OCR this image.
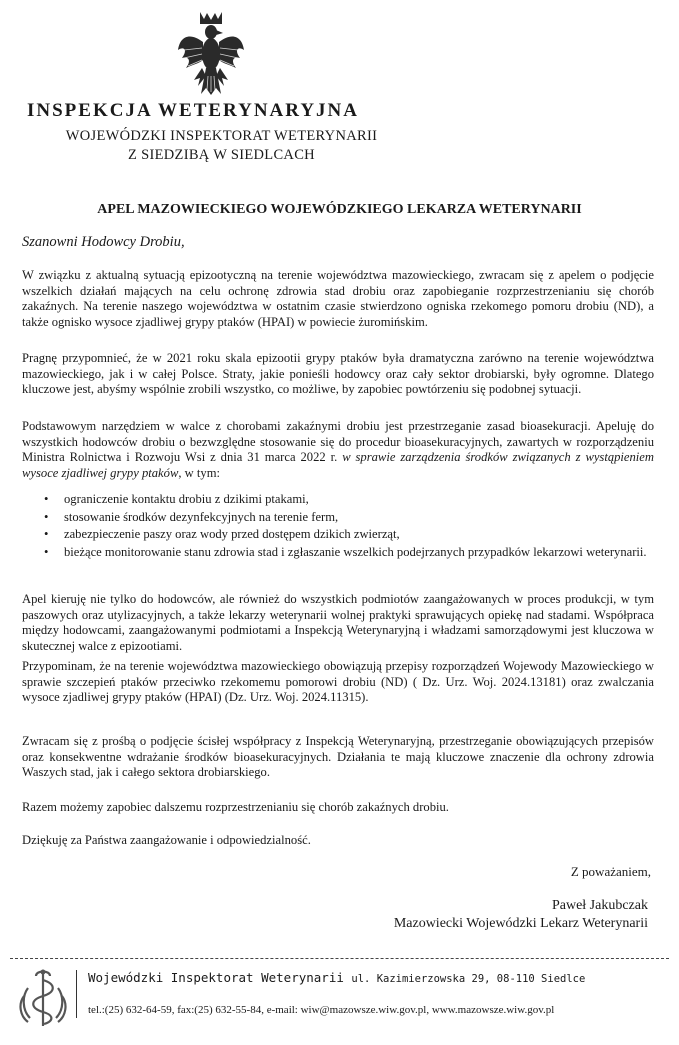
INSPEKCJA WETERYNARYJNA
WOJEWÓDZKI INSPEKTORAT WETERYNARII
Z SIEDZIBĄ W SIEDLCACH
APEL MAZOWIECKIEGO WOJEWÓDZKIEGO LEKARZA WETERYNARII
Szanowni Hodowcy Drobiu,
W związku z aktualną sytuacją epizootyczną na terenie województwa mazowieckiego, zwracam się z apelem o podjęcie wszelkich działań mających na celu ochronę zdrowia stad drobiu oraz zapobieganie rozprzestrzenianiu się chorób zakaźnych. Na terenie naszego województwa w ostatnim czasie stwierdzono ogniska rzekomego pomoru drobiu (ND), a także ognisko wysoce zjadliwej grypy ptaków (HPAI) w powiecie żuromińskim.
Pragnę przypomnieć, że w 2021 roku skala epizootii grypy ptaków była dramatyczna zarówno na terenie województwa mazowieckiego, jak i w całej Polsce. Straty, jakie ponieśli hodowcy oraz cały sektor drobiarski, były ogromne. Dlatego kluczowe jest, abyśmy wspólnie zrobili wszystko, co możliwe, by zapobiec powtórzeniu się podobnej sytuacji.
Podstawowym narzędziem w walce z chorobami zakaźnymi drobiu jest przestrzeganie zasad bioasekuracji. Apeluję do wszystkich hodowców drobiu o bezwzględne stosowanie się do procedur bioasekuracyjnych, zawartych w rozporządzeniu Ministra Rolnictwa i Rozwoju Wsi z dnia 31 marca 2022 r. w sprawie zarządzenia środków związanych z wystąpieniem wysoce zjadliwej grypy ptaków, w tym:
• ograniczenie kontaktu drobiu z dzikimi ptakami,
• stosowanie środków dezynfekcyjnych na terenie ferm,
• zabezpieczenie paszy oraz wody przed dostępem dzikich zwierząt,
• bieżące monitorowanie stanu zdrowia stad i zgłaszanie wszelkich podejrzanych przypadków lekarzowi weterynarii.
Apel kieruję nie tylko do hodowców, ale również do wszystkich podmiotów zaangażowanych w proces produkcji, w tym paszowych oraz utylizacyjnych, a także lekarzy weterynarii wolnej praktyki sprawujących opiekę nad stadami. Współpraca między hodowcami, zaangażowanymi podmiotami a Inspekcją Weterynaryjną i władzami samorządowymi jest kluczowa w skutecznej walce z epizootiami.
Przypominam, że na terenie województwa mazowieckiego obowiązują przepisy rozporządzeń Wojewody Mazowieckiego w sprawie szczepień ptaków przeciwko rzekomemu pomorowi drobiu (ND) ( Dz. Urz. Woj. 2024.13181) oraz zwalczania wysoce zjadliwej grypy ptaków (HPAI) (Dz. Urz. Woj. 2024.11315).
Zwracam się z prośbą o podjęcie ścisłej współpracy z Inspekcją Weterynaryjną, przestrzeganie obowiązujących przepisów oraz konsekwentne wdrażanie środków bioasekuracyjnych. Działania te mają kluczowe znaczenie dla ochrony zdrowia Waszych stad, jak i całego sektora drobiarskiego.
Razem możemy zapobiec dalszemu rozprzestrzenianiu się chorób zakaźnych drobiu.
Dziękuję za Państwa zaangażowanie i odpowiedzialność.
Z poważaniem,
Paweł Jakubczak
Mazowiecki Wojewódzki Lekarz Weterynarii
Wojewódzki Inspektorat Weterynarii ul. Kazimierzowska 29, 08-110 Siedlce
tel.:(25) 632-64-59, fax:(25) 632-55-84, e-mail: wiw@mazowsze.wiw.gov.pl, www.mazowsze.wiw.gov.pl
